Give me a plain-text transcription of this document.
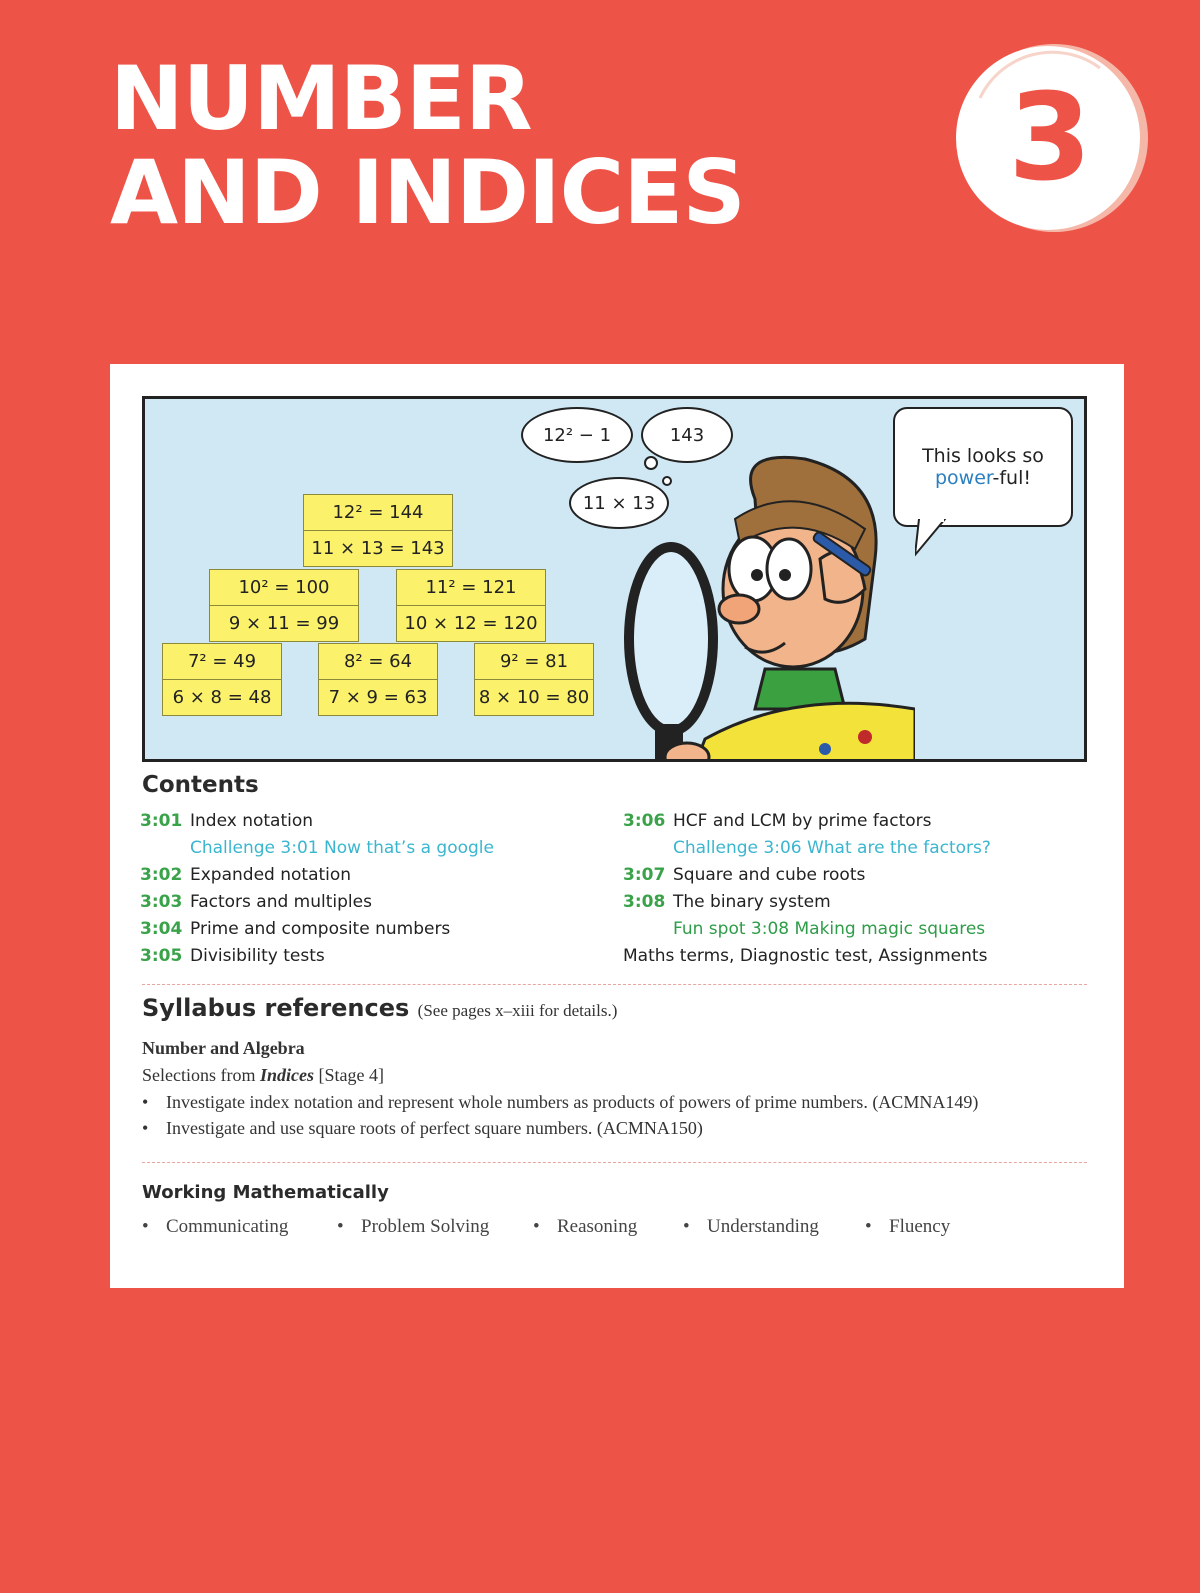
NUMBER
AND INDICES	3
12² = 144
11 × 13 = 143
10² = 100
9 × 11 = 99
11² = 121
10 × 12 = 120
7² = 49
6 × 8 = 48
8² = 64
7 × 9 = 63
9² = 81
8 × 10 = 80
12² − 1	143
11 × 13
This looks so
power-ful!
Contents
3:01 Index notation
Challenge 3:01 Now that’s a google
3:02 Expanded notation
3:03 Factors and multiples
3:04 Prime and composite numbers
3:05 Divisibility tests
3:06 HCF and LCM by prime factors
Challenge 3:06 What are the factors?
3:07 Square and cube roots
3:08 The binary system
Fun spot 3:08 Making magic squares
Maths terms, Diagnostic test, Assignments
Syllabus references (See pages x–xiii for details.)
Number and Algebra
Selections from Indices [Stage 4]
• Investigate index notation and represent whole numbers as products of powers of prime numbers. (ACMNA149)
• Investigate and use square roots of perfect square numbers. (ACMNA150)
Working Mathematically
• Communicating	• Problem Solving • Reasoning • Understanding • Fluency
